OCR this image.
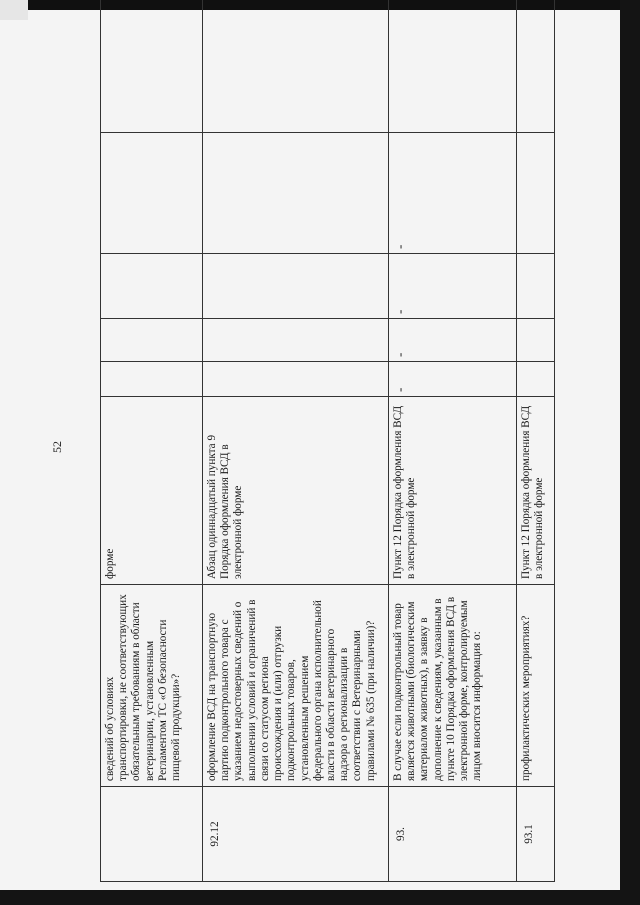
52
	сведений об условиях транспортировки, не соответствующих обязательным требованиям в области ветеринарии, установленным Регламентом ТС «О безопасности пищевой продукции»?	форме					
92.12	оформление ВСД на транспортную партию подконтрольного товара с указанием недостоверных сведений о выполнении условий и ограничений в связи со статусом региона происхождения и (или) отгрузки подконтрольных товаров, установленным решением федерального органа исполнительной власти в области ветеринарного надзора о регионализации в соответствии с Ветеринарными правилами № 635 (при наличии)?	Абзац одиннадцатый пункта 9 Порядка оформления ВСД в электронной форме					
93.	В случае если подконтрольный товар является животными (биологическим материалом животных), в заявку в дополнение к сведениям, указанным в пункте 10 Порядка оформления ВСД в электронной форме, контролируемым лицом вносится информация о:	Пункт 12 Порядка оформления ВСД в электронной форме	-	-	-	-	
93.1	профилактических мероприятиях?	Пункт 12 Порядка оформления ВСД в электронной форме					
